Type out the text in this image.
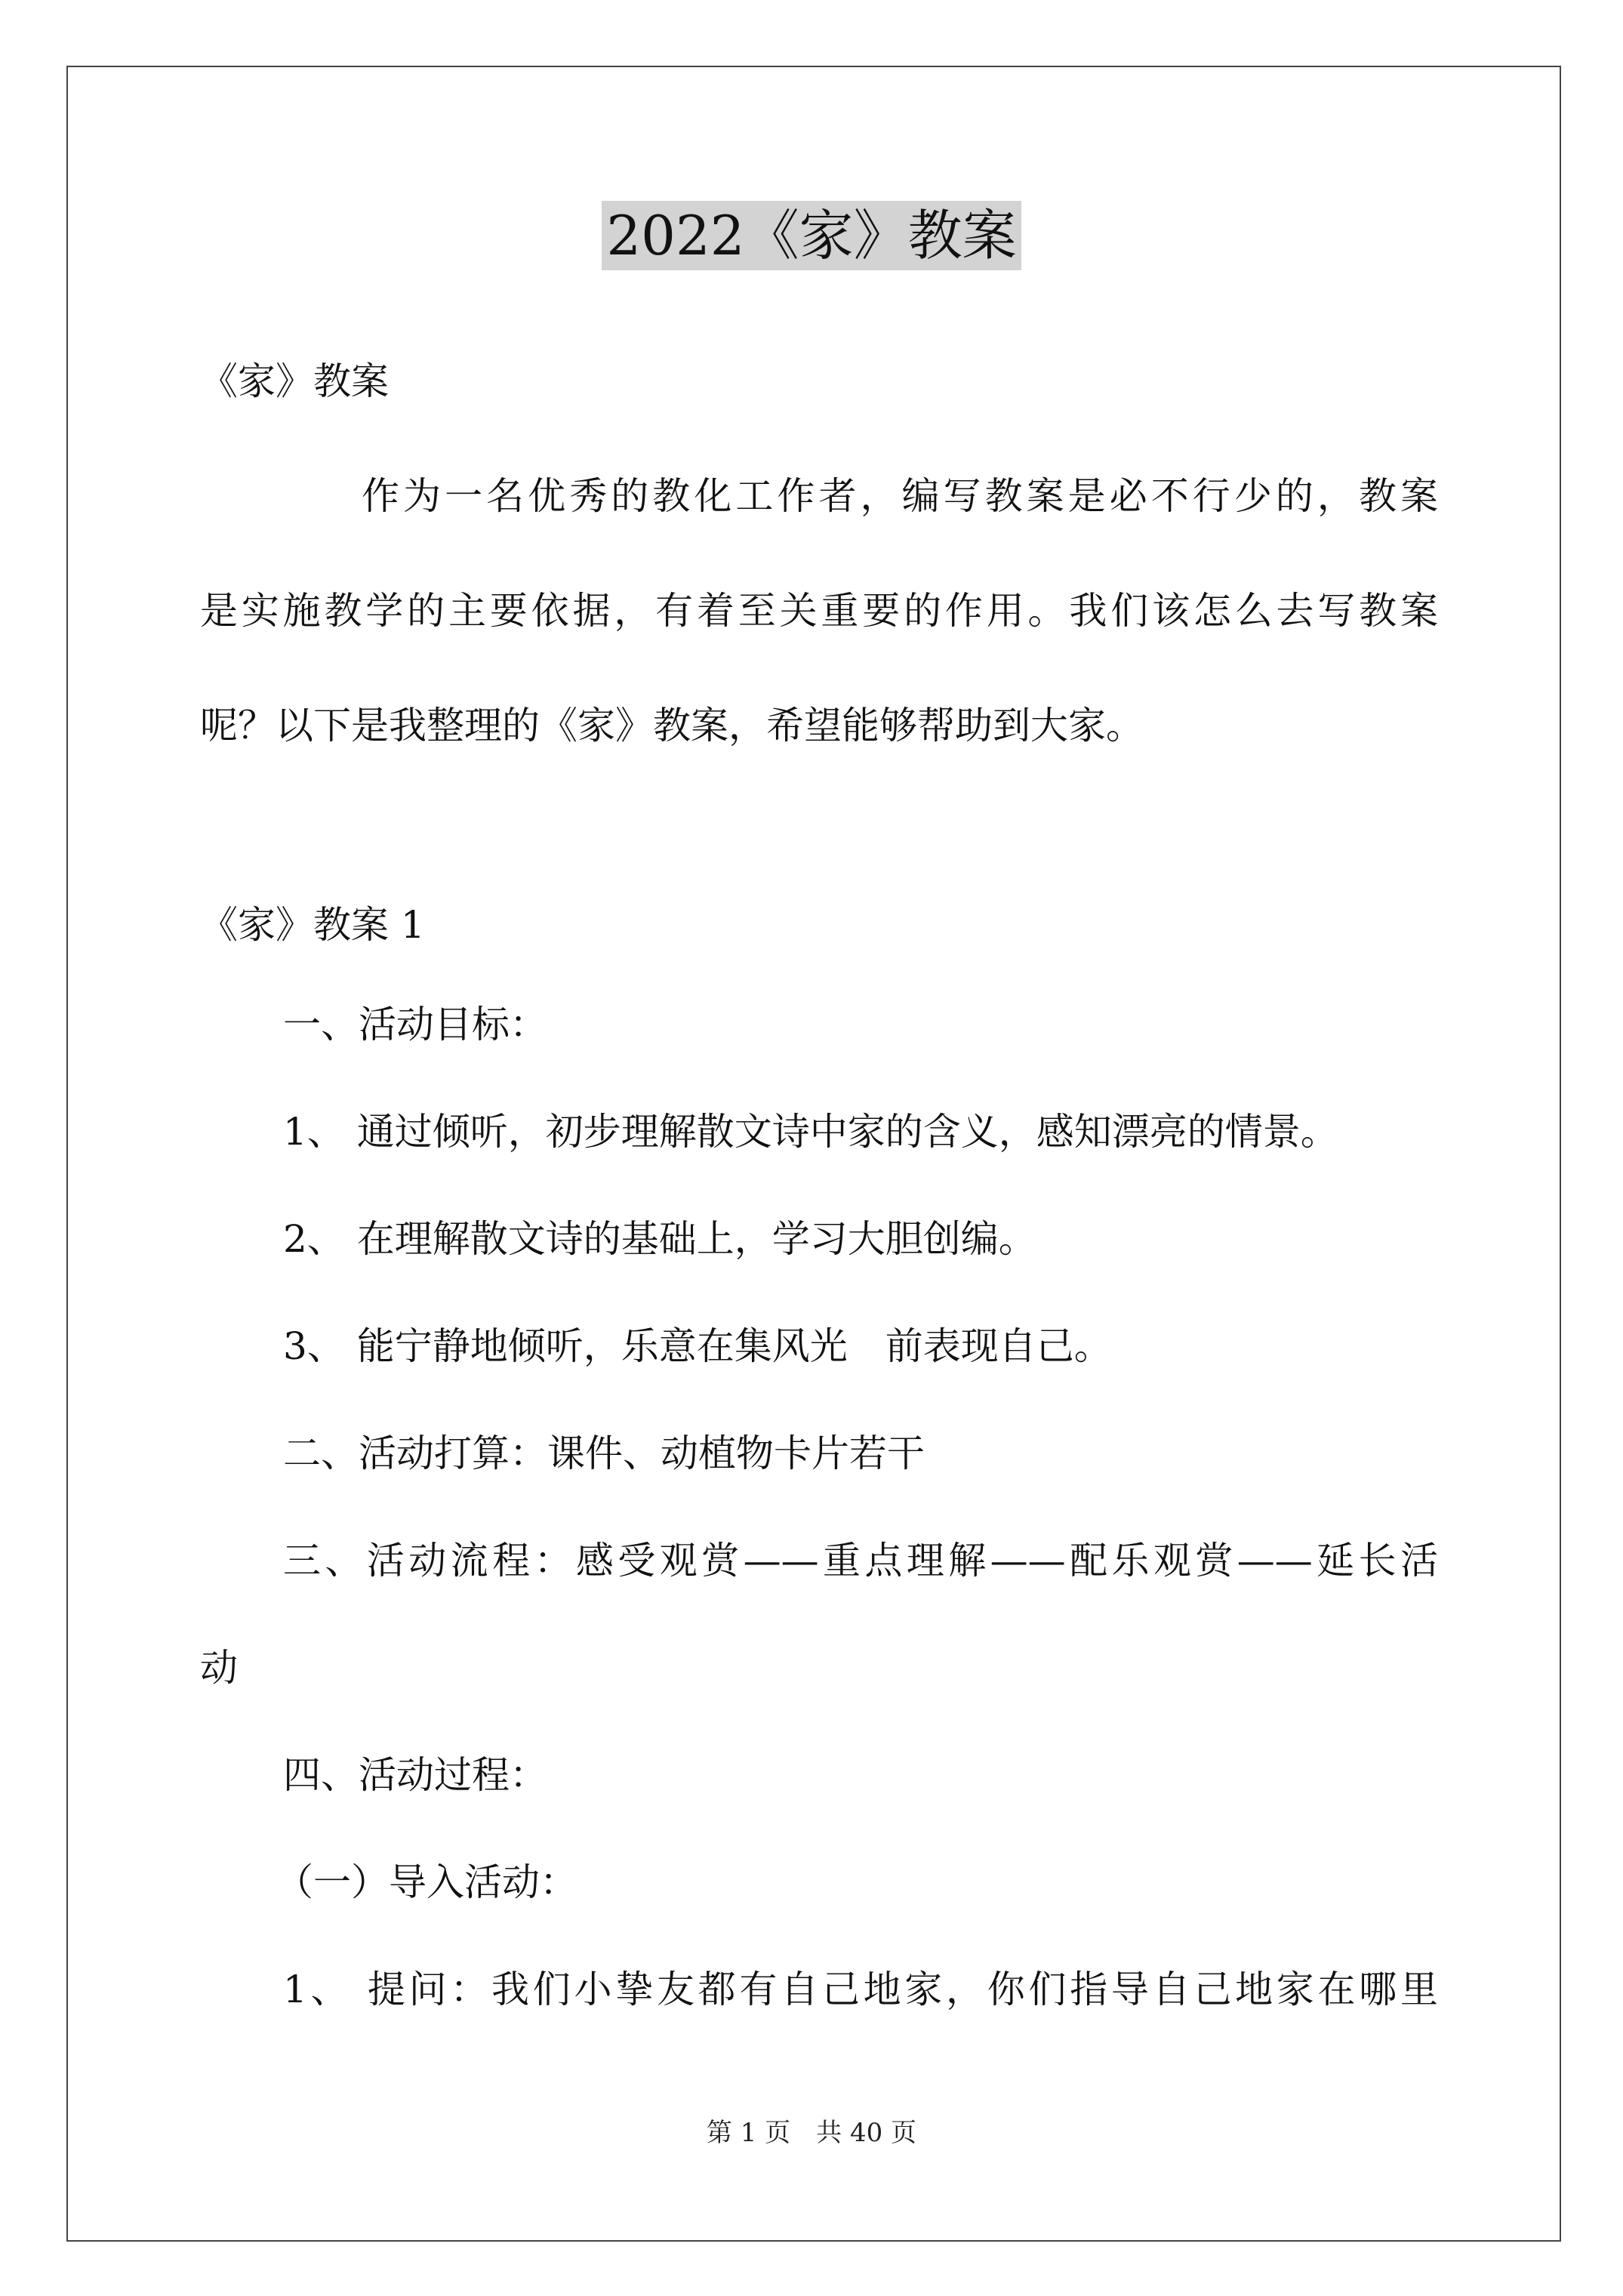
2022《家》教案
《家》教案
作为一名优秀的教化工作者，编写教案是必不行少的，教案
是实施教学的主要依据，有着至关重要的作用。我们该怎么去写教案
呢？以下是我整理的《家》教案，希望能够帮助到大家。
《家》教案 1
一、活动目标：
1、 通过倾听，初步理解散文诗中家的含义，感知漂亮的情景。
2、 在理解散文诗的基础上，学习大胆创编。
3、 能宁静地倾听，乐意在集风光　前表现自己。
二、活动打算：课件、动植物卡片若干
三、活动流程：感受观赏——重点理解——配乐观赏——延长活
动
四、活动过程：
（一）导入活动：
1、 提问：我们小挚友都有自己地家，你们指导自己地家在哪里
第 1 页　共 40 页
